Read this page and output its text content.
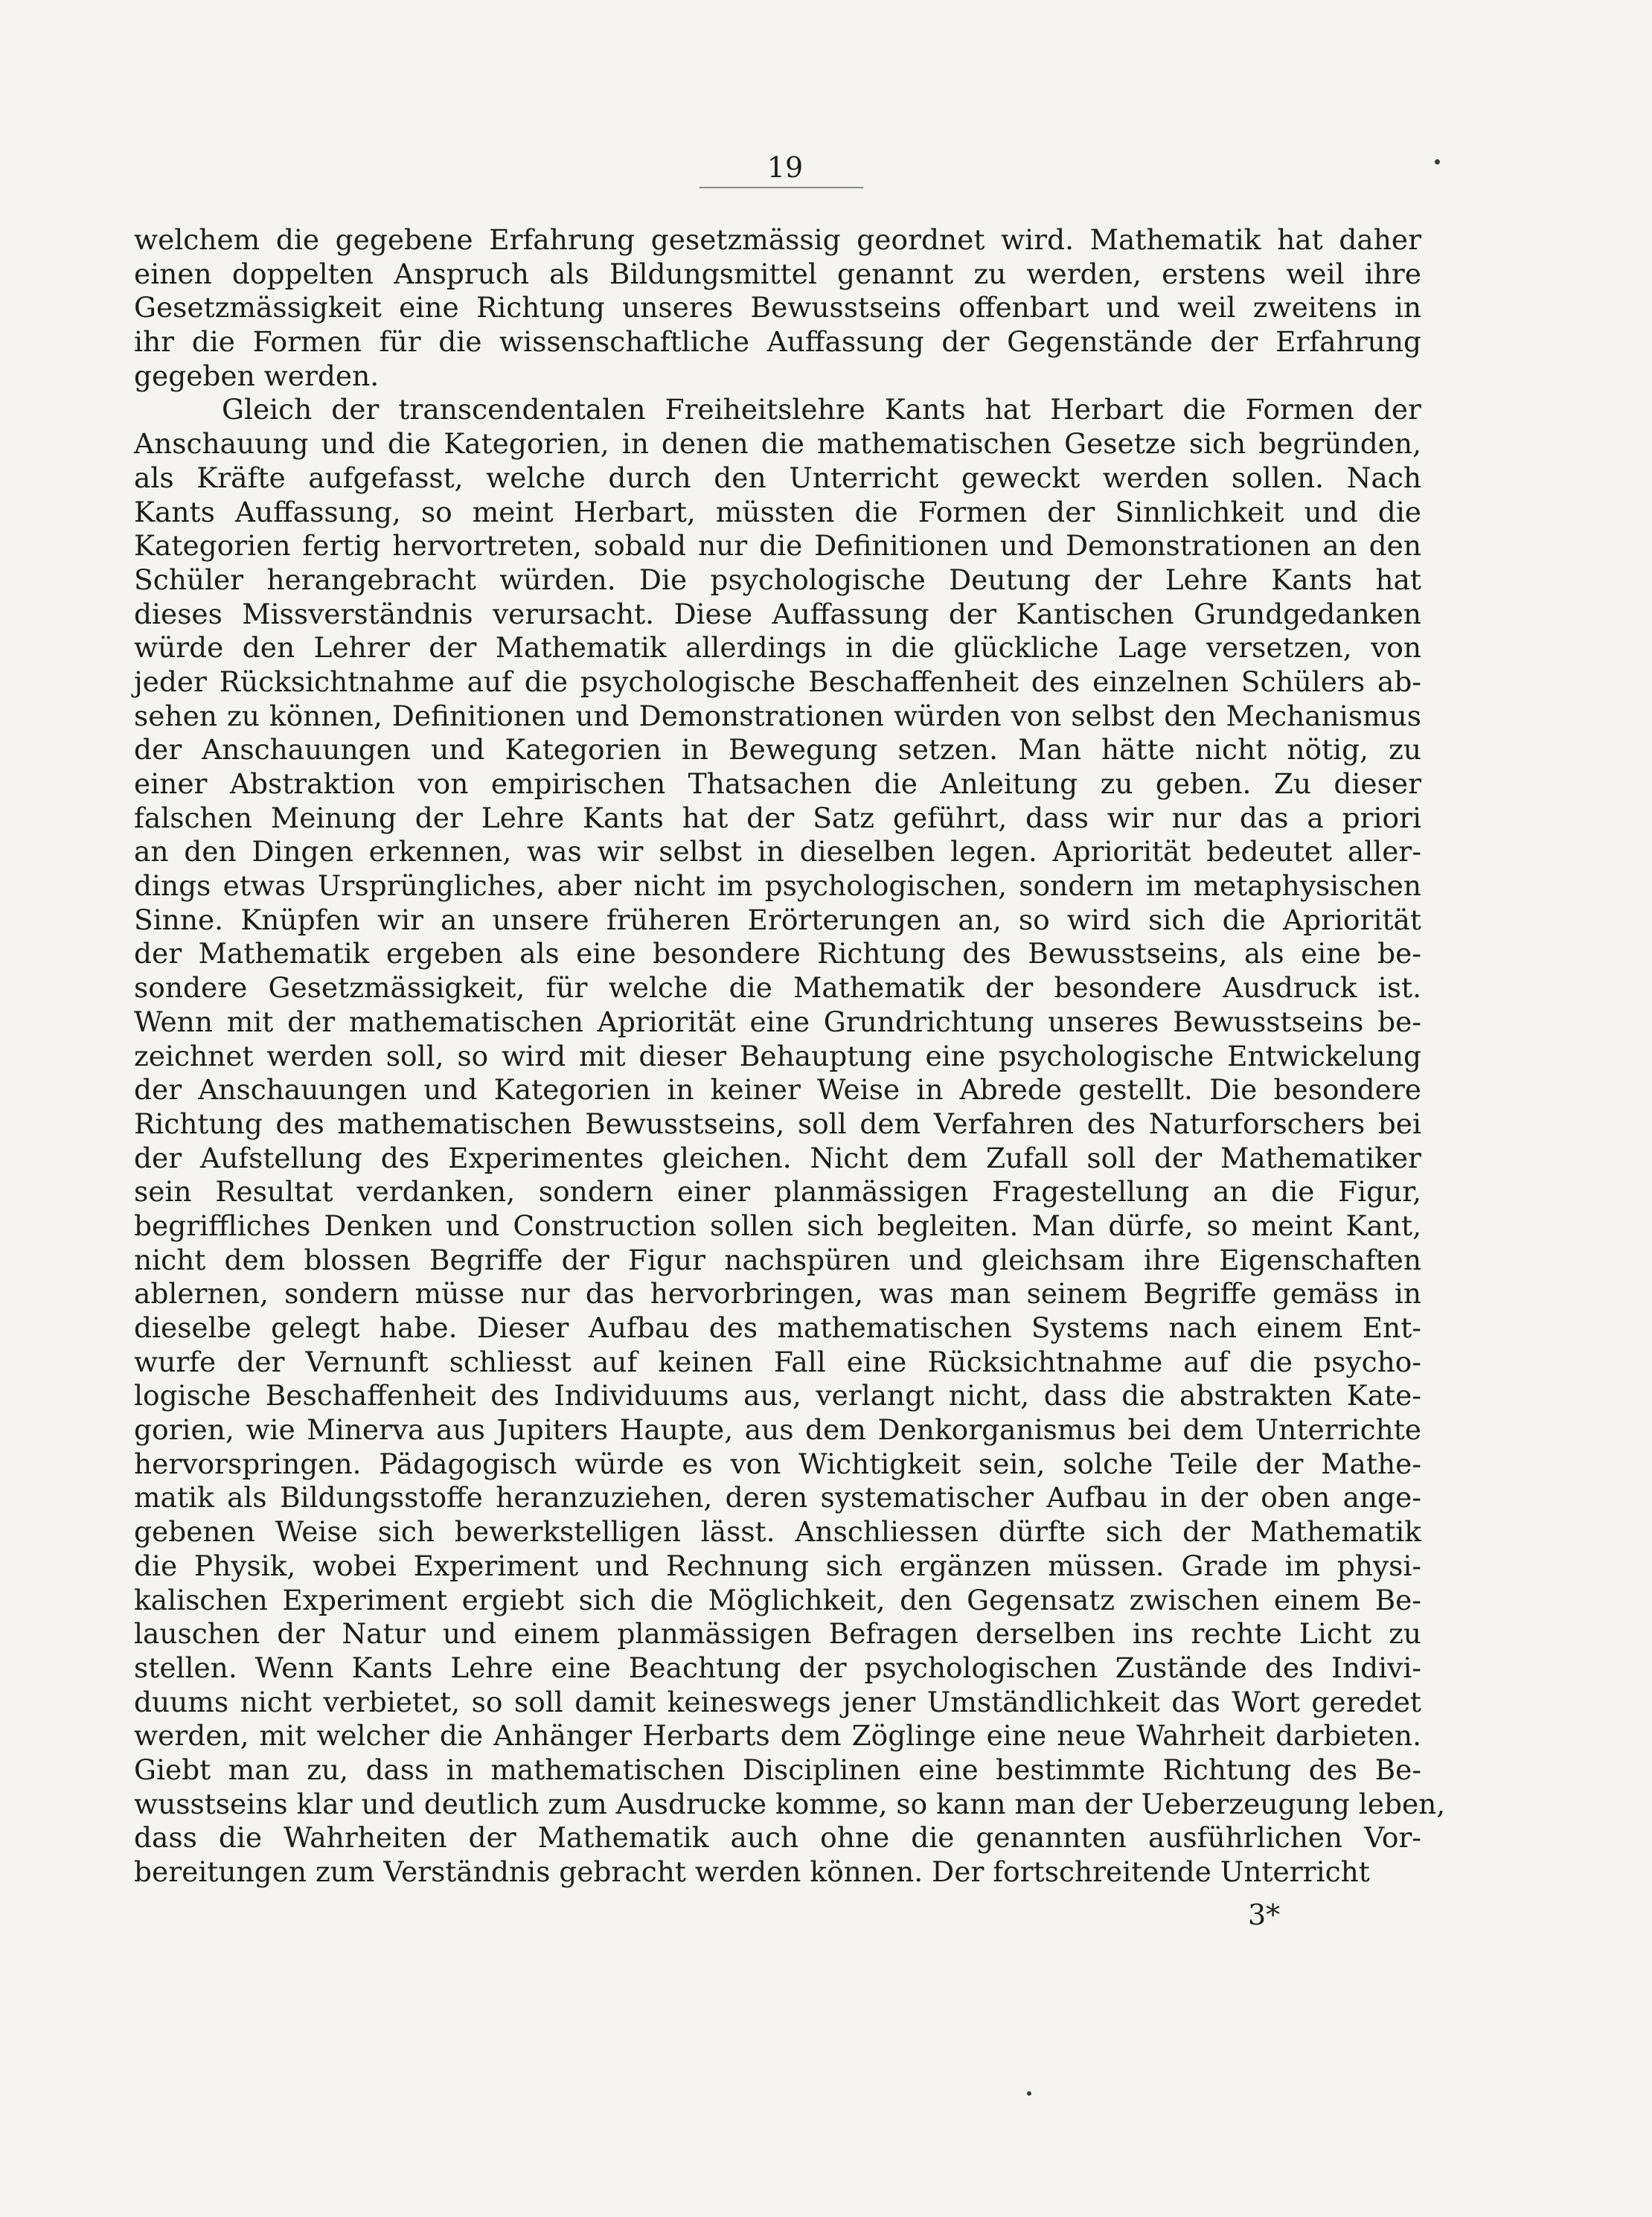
19
welchem die gegebene Erfahrung gesetzmässig geordnet wird. Mathematik hat daher
einen doppelten Anspruch als Bildungsmittel genannt zu werden, erstens weil ihre
Gesetzmässigkeit eine Richtung unseres Bewusstseins offenbart und weil zweitens in
ihr die Formen für die wissenschaftliche Auffassung der Gegenstände der Erfahrung
gegeben werden.
Gleich der transcendentalen Freiheitslehre Kants hat Herbart die Formen der
Anschauung und die Kategorien, in denen die mathematischen Gesetze sich begründen,
als Kräfte aufgefasst, welche durch den Unterricht geweckt werden sollen. Nach
Kants Auffassung, so meint Herbart, müssten die Formen der Sinnlichkeit und die
Kategorien fertig hervortreten, sobald nur die Definitionen und Demonstrationen an den
Schüler herangebracht würden. Die psychologische Deutung der Lehre Kants hat
dieses Missverständnis verursacht. Diese Auffassung der Kantischen Grundgedanken
würde den Lehrer der Mathematik allerdings in die glückliche Lage versetzen, von
jeder Rücksichtnahme auf die psychologische Beschaffenheit des einzelnen Schülers ab-
sehen zu können, Definitionen und Demonstrationen würden von selbst den Mechanismus
der Anschauungen und Kategorien in Bewegung setzen. Man hätte nicht nötig, zu
einer Abstraktion von empirischen Thatsachen die Anleitung zu geben. Zu dieser
falschen Meinung der Lehre Kants hat der Satz geführt, dass wir nur das a priori
an den Dingen erkennen, was wir selbst in dieselben legen. Apriorität bedeutet aller-
dings etwas Ursprüngliches, aber nicht im psychologischen, sondern im metaphysischen
Sinne. Knüpfen wir an unsere früheren Erörterungen an, so wird sich die Apriorität
der Mathematik ergeben als eine besondere Richtung des Bewusstseins, als eine be-
sondere Gesetzmässigkeit, für welche die Mathematik der besondere Ausdruck ist.
Wenn mit der mathematischen Apriorität eine Grundrichtung unseres Bewusstseins be-
zeichnet werden soll, so wird mit dieser Behauptung eine psychologische Entwickelung
der Anschauungen und Kategorien in keiner Weise in Abrede gestellt. Die besondere
Richtung des mathematischen Bewusstseins, soll dem Verfahren des Naturforschers bei
der Aufstellung des Experimentes gleichen. Nicht dem Zufall soll der Mathematiker
sein Resultat verdanken, sondern einer planmässigen Fragestellung an die Figur,
begriffliches Denken und Construction sollen sich begleiten. Man dürfe, so meint Kant,
nicht dem blossen Begriffe der Figur nachspüren und gleichsam ihre Eigenschaften
ablernen, sondern müsse nur das hervorbringen, was man seinem Begriffe gemäss in
dieselbe gelegt habe. Dieser Aufbau des mathematischen Systems nach einem Ent-
wurfe der Vernunft schliesst auf keinen Fall eine Rücksichtnahme auf die psycho-
logische Beschaffenheit des Individuums aus, verlangt nicht, dass die abstrakten Kate-
gorien, wie Minerva aus Jupiters Haupte, aus dem Denkorganismus bei dem Unterrichte
hervorspringen. Pädagogisch würde es von Wichtigkeit sein, solche Teile der Mathe-
matik als Bildungsstoffe heranzuziehen, deren systematischer Aufbau in der oben ange-
gebenen Weise sich bewerkstelligen lässt. Anschliessen dürfte sich der Mathematik
die Physik, wobei Experiment und Rechnung sich ergänzen müssen. Grade im physi-
kalischen Experiment ergiebt sich die Möglichkeit, den Gegensatz zwischen einem Be-
lauschen der Natur und einem planmässigen Befragen derselben ins rechte Licht zu
stellen. Wenn Kants Lehre eine Beachtung der psychologischen Zustände des Indivi-
duums nicht verbietet, so soll damit keineswegs jener Umständlichkeit das Wort geredet
werden, mit welcher die Anhänger Herbarts dem Zöglinge eine neue Wahrheit darbieten.
Giebt man zu, dass in mathematischen Disciplinen eine bestimmte Richtung des Be-
wusstseins klar und deutlich zum Ausdrucke komme, so kann man der Ueberzeugung leben,
dass die Wahrheiten der Mathematik auch ohne die genannten ausführlichen Vor-
bereitungen zum Verständnis gebracht werden können. Der fortschreitende Unterricht
3*
